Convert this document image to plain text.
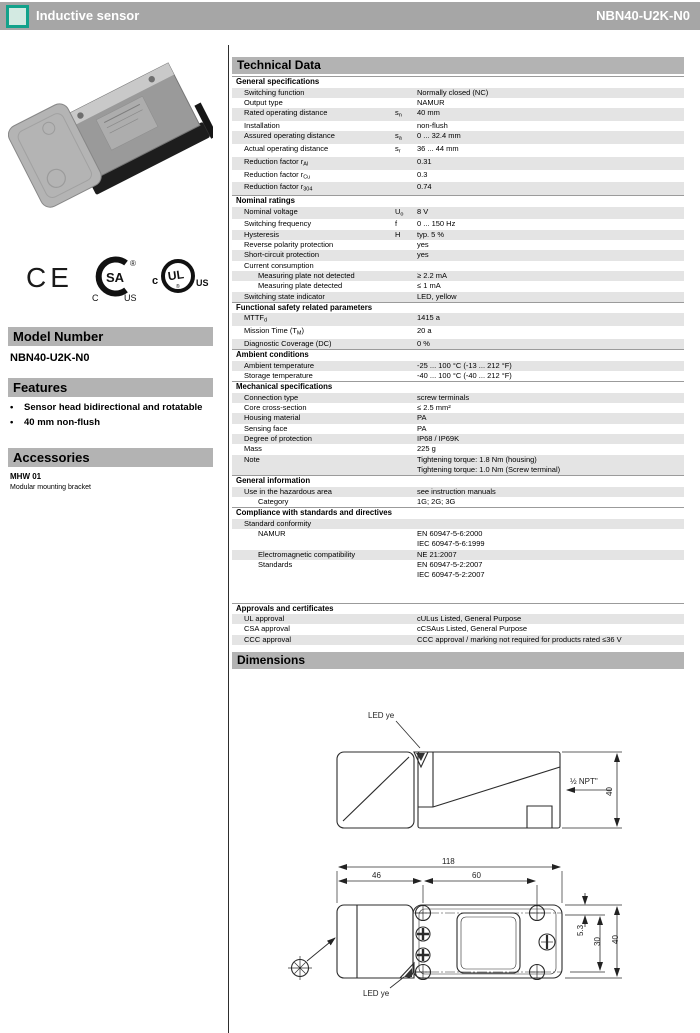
Inductive sensor	NBN40-U2K-N0
CE	SA
®
C	US
UL
®
c	US
Model Number
NBN40-U2K-N0
Features
•	Sensor head bidirectional and rotatable
•	40 mm non-flush
Accessories
MHW 01
Modular mounting bracket
Technical Data
General specifications
Switching function	Normally closed (NC)
Output type	NAMUR
Rated operating distance	$s_n$	40 mm
Installation	non-flush
Assured operating distance	$s_a$	0 ... 32.4 mm
Actual operating distance	$s_r$	36 ... 44 mm
Reduction factor $r_{Al}$	0.31
Reduction factor $r_{Cu}$	0.3
Reduction factor $r_{304}$	0.74
Nominal ratings
Nominal voltage	$U_o$	8 V
Switching frequency	f	0 ... 150 Hz
Hysteresis	H	typ. 5 %
Reverse polarity protection	yes
Short-circuit protection	yes
Current consumption
Measuring plate not detected	≥ 2.2 mA
Measuring plate detected	≤ 1 mA
Switching state indicator	LED, yellow
Functional safety related parameters
$MTTF_d$	1415 a
Mission Time $(T_M)$	20 a
Diagnostic Coverage (DC)	0 %
Ambient conditions
Ambient temperature	-25 ... 100 °C (-13 ... 212 °F)
Storage temperature	-40 ... 100 °C (-40 ... 212 °F)
Mechanical specifications
Connection type	screw terminals
Core cross-section	≤ 2.5 mm²
Housing material	PA
Sensing face	PA
Degree of protection	IP68 / IP69K
Mass	225 g
Note	Tightening torque: 1.8 Nm (housing)
Tightening torque: 1.0 Nm (Screw terminal)
General information
Use in the hazardous area	see instruction manuals
Category	1G; 2G; 3G
Compliance with standards and directives
Standard conformity
NAMUR	EN 60947-5-6:2000
IEC 60947-5-6:1999
Electromagnetic compatibility	NE 21:2007
Standards	EN 60947-5-2:2007
IEC 60947-5-2:2007
Approvals and certificates
UL approval	cULus Listed, General Purpose
CSA approval	cCSAus Listed, General Purpose
CCC approval	CCC approval / marking not required for products rated ≤36 V
Dimensions
LED ye
½ NPT"
40
118
46	60
5.3
30 40
LED ye
